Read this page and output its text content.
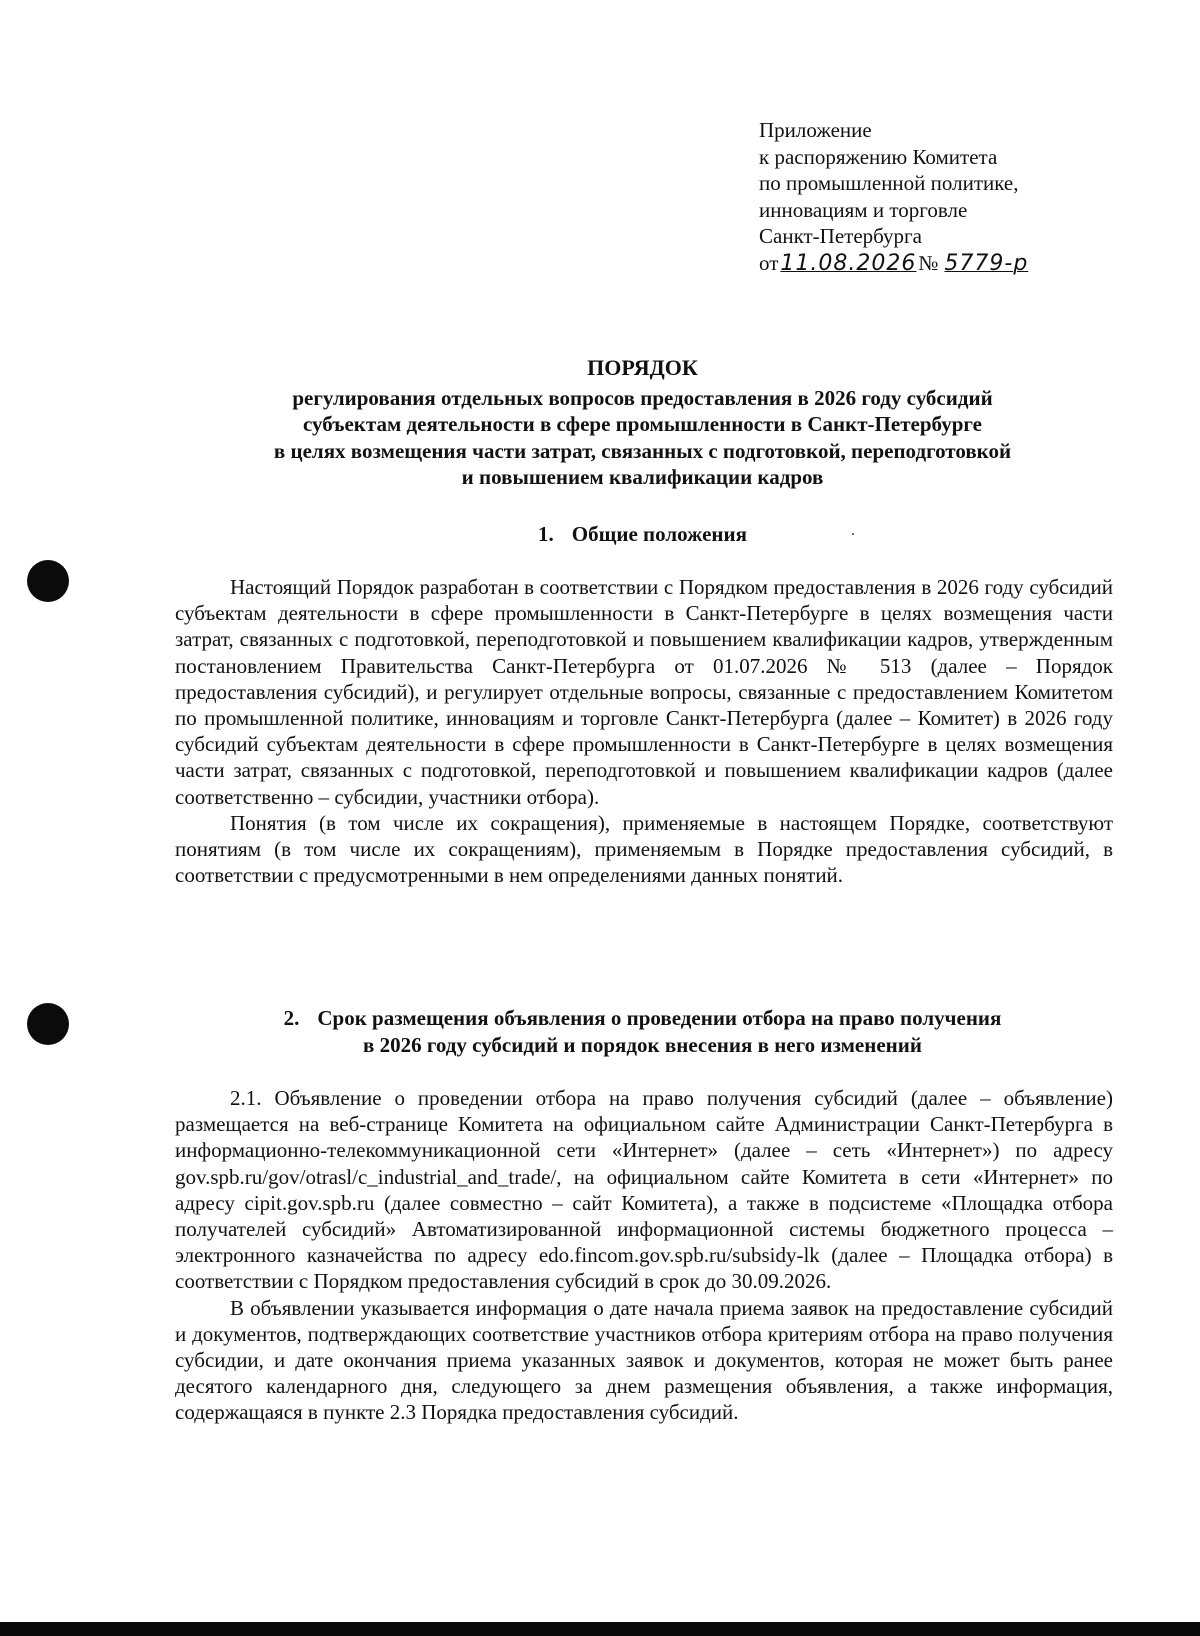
Приложение
к распоряжению Комитета
по промышленной политике,
инновациям и торговле
Санкт-Петербурга
от11.08.2026№ 5779-р
ПОРЯДОК
регулирования отдельных вопросов предоставления в 2026 году субсидий
субъектам деятельности в сфере промышленности в Санкт-Петербурге
в целях возмещения части затрат, связанных с подготовкой, переподготовкой
и повышением квалификации кадров
1. Общие положения

Настоящий Порядок разработан в соответствии с Порядком предоставления в 2026 году субсидий субъектам деятельности в сфере промышленности в Санкт-Петербурге в целях возмещения части затрат, связанных с подготовкой, переподготовкой и повышением квалификации кадров, утвержденным постановлением Правительства Санкт-Петербурга от 01.07.2026 № 513 (далее – Порядок предоставления субсидий), и регулирует отдельные вопросы, связанные с предоставлением Комитетом по промышленной политике, инновациям и торговле Санкт-Петербурга (далее – Комитет) в 2026 году субсидий субъектам деятельности в сфере промышленности в Санкт-Петербурге в целях возмещения части затрат, связанных с подготовкой, переподготовкой и повышением квалификации кадров (далее соответственно – субсидии, участники отбора).

Понятия (в том числе их сокращения), применяемые в настоящем Порядке, соответствуют понятиям (в том числе их сокращениям), применяемым в Порядке предоставления субсидий, в соответствии с предусмотренными в нем определениями данных понятий.

2. Срок размещения объявления о проведении отбора на право получения
в 2026 году субсидий и порядок внесения в него изменений

2.1. Объявление о проведении отбора на право получения субсидий (далее – объявление) размещается на веб-странице Комитета на официальном сайте Администрации Санкт-Петербурга в информационно-телекоммуникационной сети «Интернет» (далее – сеть «Интернет») по адресу gov.spb.ru/gov/otrasl/c_industrial_and_trade/, на официальном сайте Комитета в сети «Интернет» по адресу cipit.gov.spb.ru (далее совместно – сайт Комитета), а также в подсистеме «Площадка отбора получателей субсидий» Автоматизированной информационной системы бюджетного процесса – электронного казначейства по адресу edo.fincom.gov.spb.ru/subsidy-lk (далее – Площадка отбора) в соответствии с Порядком предоставления субсидий в срок до 30.09.2026.

В объявлении указывается информация о дате начала приема заявок на предоставление субсидий и документов, подтверждающих соответствие участников отбора критериям отбора на право получения субсидии, и дате окончания приема указанных заявок и документов, которая не может быть ранее десятого календарного дня, следующего за днем размещения объявления, а также информация, содержащаяся в пункте 2.3 Порядка предоставления субсидий.
